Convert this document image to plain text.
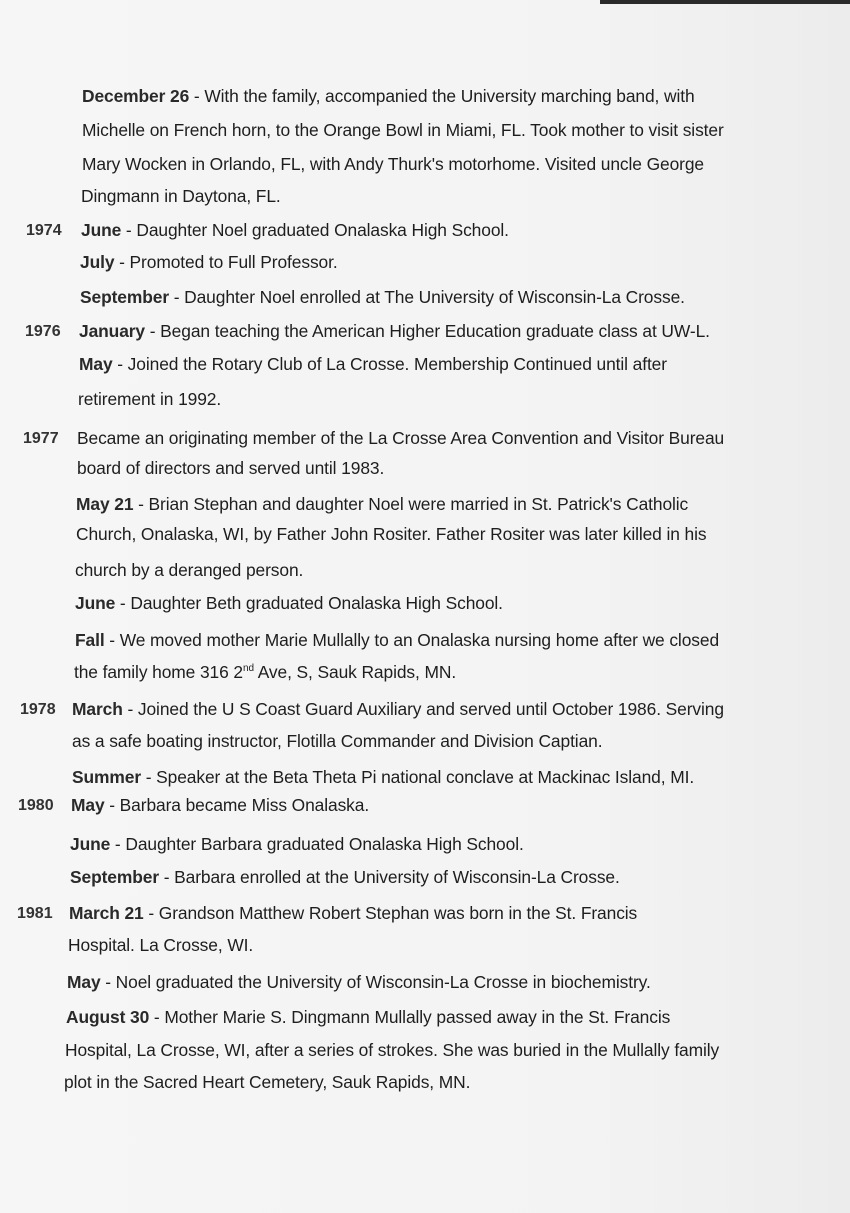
December 26 - With the family, accompanied the University marching band, with
Michelle on French horn, to the Orange Bowl in Miami, FL. Took mother to visit sister
Mary Wocken in Orlando, FL, with Andy Thurk's motorhome. Visited uncle George
Dingmann in Daytona, FL.
1974 June - Daughter Noel graduated Onalaska High School.
July - Promoted to Full Professor.
September - Daughter Noel enrolled at The University of Wisconsin-La Crosse.
1976 January - Began teaching the American Higher Education graduate class at UW-L.
May - Joined the Rotary Club of La Crosse. Membership Continued until after
retirement in 1992.
1977 Became an originating member of the La Crosse Area Convention and Visitor Bureau
board of directors and served until 1983.
May 21 - Brian Stephan and daughter Noel were married in St. Patrick's Catholic
Church, Onalaska, WI, by Father John Rositer. Father Rositer was later killed in his
church by a deranged person.
June - Daughter Beth graduated Onalaska High School.
Fall - We moved mother Marie Mullally to an Onalaska nursing home after we closed
the family home 316 2nd Ave, S, Sauk Rapids, MN.
1978 March - Joined the U S Coast Guard Auxiliary and served until October 1986. Serving
as a safe boating instructor, Flotilla Commander and Division Captian.
Summer - Speaker at the Beta Theta Pi national conclave at Mackinac Island, MI.
1980 May - Barbara became Miss Onalaska.
June - Daughter Barbara graduated Onalaska High School.
September - Barbara enrolled at the University of Wisconsin-La Crosse.
1981 March 21 - Grandson Matthew Robert Stephan was born in the St. Francis
Hospital. La Crosse, WI.
May - Noel graduated the University of Wisconsin-La Crosse in biochemistry.
August 30 - Mother Marie S. Dingmann Mullally passed away in the St. Francis
Hospital, La Crosse, WI, after a series of strokes. She was buried in the Mullally family
plot in the Sacred Heart Cemetery, Sauk Rapids, MN.
